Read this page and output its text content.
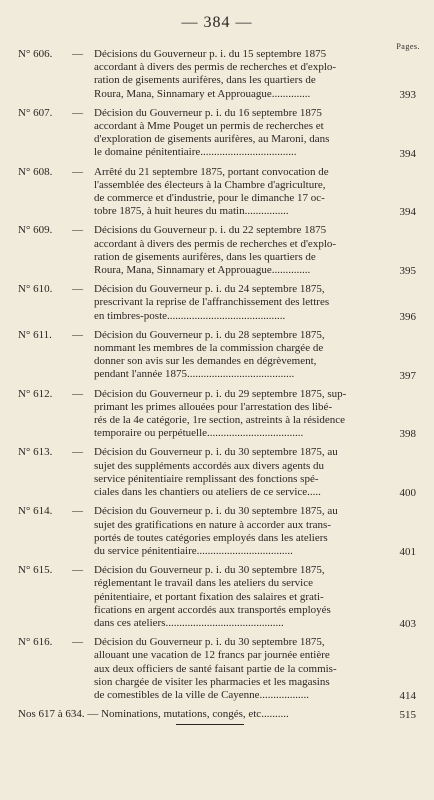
— 384 —
Pages.
N° 606. — Décisions du Gouverneur p. i. du 15 septembre 1875
accordant à divers des permis de recherches et d'explo-
ration de gisements aurifères, dans les quartiers de
Roura, Mana, Sinnamary et Approuague..............	393
N° 607. — Décision du Gouverneur p. i. du 16 septembre 1875
accordant à Mme Pouget un permis de recherches et
d'exploration de gisements aurifères, au Maroni, dans
le domaine pénitentiaire...................................	394
N° 608. — Arrêté du 21 septembre 1875, portant convocation de
l'assemblée des électeurs à la Chambre d'agriculture,
de commerce et d'industrie, pour le dimanche 17 oc-
tobre 1875, à huit heures du matin................	394
N° 609. — Décisions du Gouverneur p. i. du 22 septembre 1875
accordant à divers des permis de recherches et d'explo-
ration de gisements aurifères, dans les quartiers de
Roura, Mana, Sinnamary et Approuague..............	395
N° 610. — Décision du Gouverneur p. i. du 24 septembre 1875,
prescrivant la reprise de l'affranchissement des lettres
en timbres-poste...........................................	396
N° 611. — Décision du Gouverneur p. i. du 28 septembre 1875,
nommant les membres de la commission chargée de
donner son avis sur les demandes en dégrèvement,
pendant l'année 1875.......................................	397
N° 612. — Décision du Gouverneur p. i. du 29 septembre 1875, sup-
primant les primes allouées pour l'arrestation des libé-
rés de la 4e catégorie, 1re section, astreints à la résidence
temporaire ou perpétuelle...................................	398
N° 613. — Décision du Gouverneur p. i. du 30 septembre 1875, au
sujet des suppléments accordés aux divers agents du
service pénitentiaire remplissant des fonctions spé-
ciales dans les chantiers ou ateliers de ce service.....	400
N° 614. — Décision du Gouverneur p. i. du 30 septembre 1875, au
sujet des gratifications en nature à accorder aux trans-
portés de toutes catégories employés dans les ateliers
du service pénitentiaire...................................	401
N° 615. — Décision du Gouverneur p. i. du 30 septembre 1875,
réglementant le travail dans les ateliers du service
pénitentiaire, et portant fixation des salaires et grati-
fications en argent accordés aux transportés employés
dans ces ateliers...........................................	403
N° 616. — Décision du Gouverneur p. i. du 30 septembre 1875,
allouant une vacation de 12 francs par journée entière
aux deux officiers de santé faisant partie de la commis-
sion chargée de visiter les pharmacies et les magasins
de comestibles de la ville de Cayenne..................	414
Nos 617 à 634. — Nominations, mutations, congés, etc..........	515
